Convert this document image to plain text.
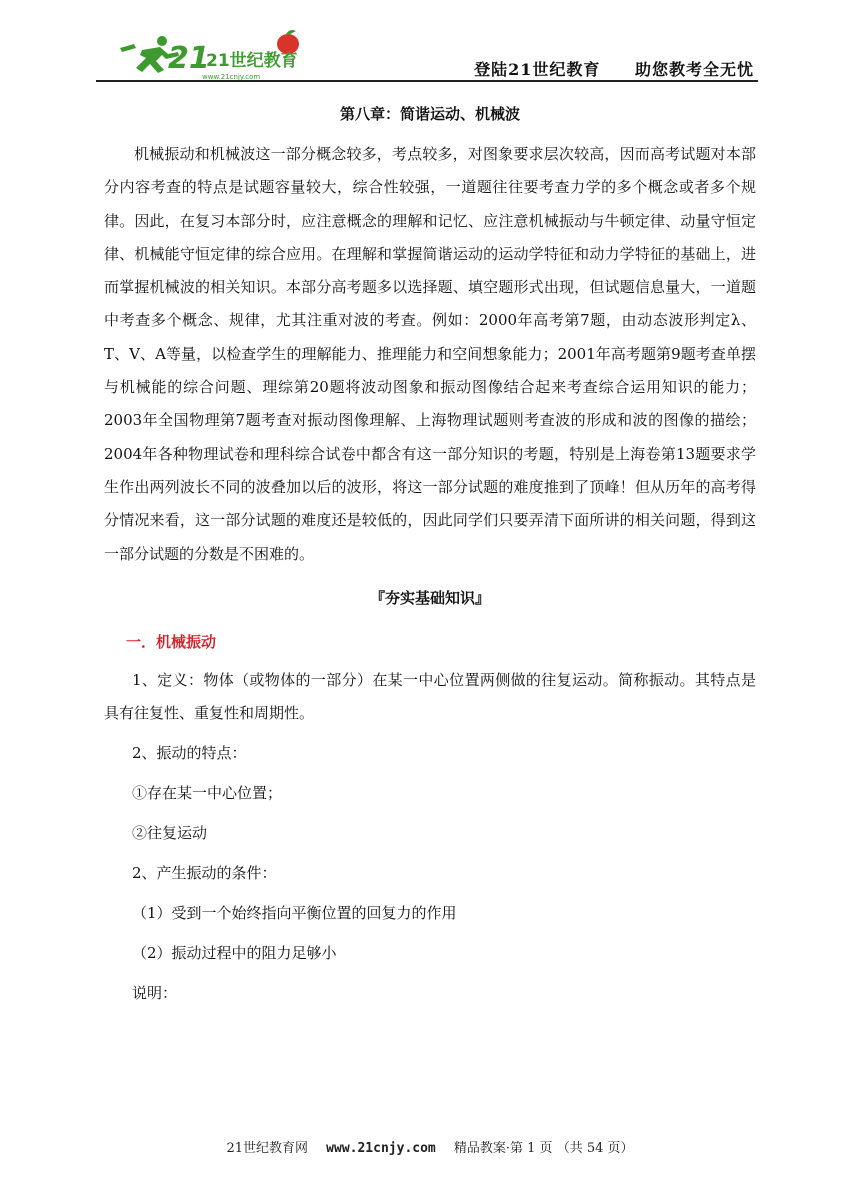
21
21世纪教育
www.21cnjy.com	登陆21世纪教育 助您教考全无忧

第八章：简谐运动、机械波

机械振动和机械波这一部分概念较多，考点较多，对图象要求层次较高，因而高考试题对本部分内容考查的特点是试题容量较大，综合性较强，一道题往往要考查力学的多个概念或者多个规律。因此，在复习本部分时，应注意概念的理解和记忆、应注意机械振动与牛顿定律、动量守恒定律、机械能守恒定律的综合应用。在理解和掌握简谐运动的运动学特征和动力学特征的基础上，进而掌握机械波的相关知识。本部分高考题多以选择题、填空题形式出现，但试题信息量大，一道题中考查多个概念、规律，尤其注重对波的考查。例如：2000年高考第7题，由动态波形判定λ、T、V、A等量，以检查学生的理解能力、推理能力和空间想象能力；2001年高考题第9题考查单摆与机械能的综合问题、理综第20题将波动图象和振动图像结合起来考查综合运用知识的能力；2003年全国物理第7题考查对振动图像理解、上海物理试题则考查波的形成和波的图像的描绘；2004年各种物理试卷和理科综合试卷中都含有这一部分知识的考题，特别是上海卷第13题要求学生作出两列波长不同的波叠加以后的波形，将这一部分试题的难度推到了顶峰！但从历年的高考得分情况来看，这一部分试题的难度还是较低的，因此同学们只要弄清下面所讲的相关问题，得到这一部分试题的分数是不困难的。

『夯实基础知识』

一．机械振动

1、定义：物体（或物体的一部分）在某一中心位置两侧做的往复运动。简称振动。其特点是具有往复性、重复性和周期性。

2、振动的特点：

①存在某一中心位置；

②往复运动

2、产生振动的条件：

（1）受到一个始终指向平衡位置的回复力的作用

（2）振动过程中的阻力足够小

说明：

21世纪教育网 www.21cnjy.com 精品教案·第 1 页 （共 54 页）
